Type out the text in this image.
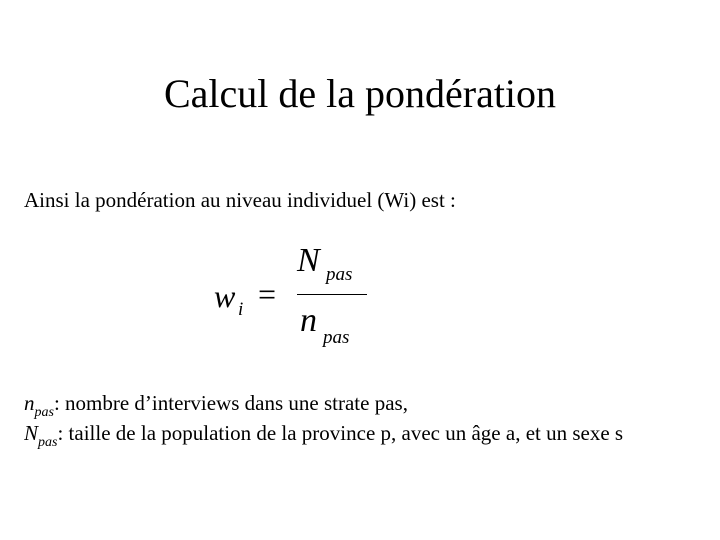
Calcul de la pondération
Ainsi la pondération au niveau individuel (Wi) est :
w i =
N pas
n pas
$n_{pas}$: nombre d’interviews dans une strate pas,
$N_{pas}$: taille de la population de la province p, avec un âge a, et un sexe s
